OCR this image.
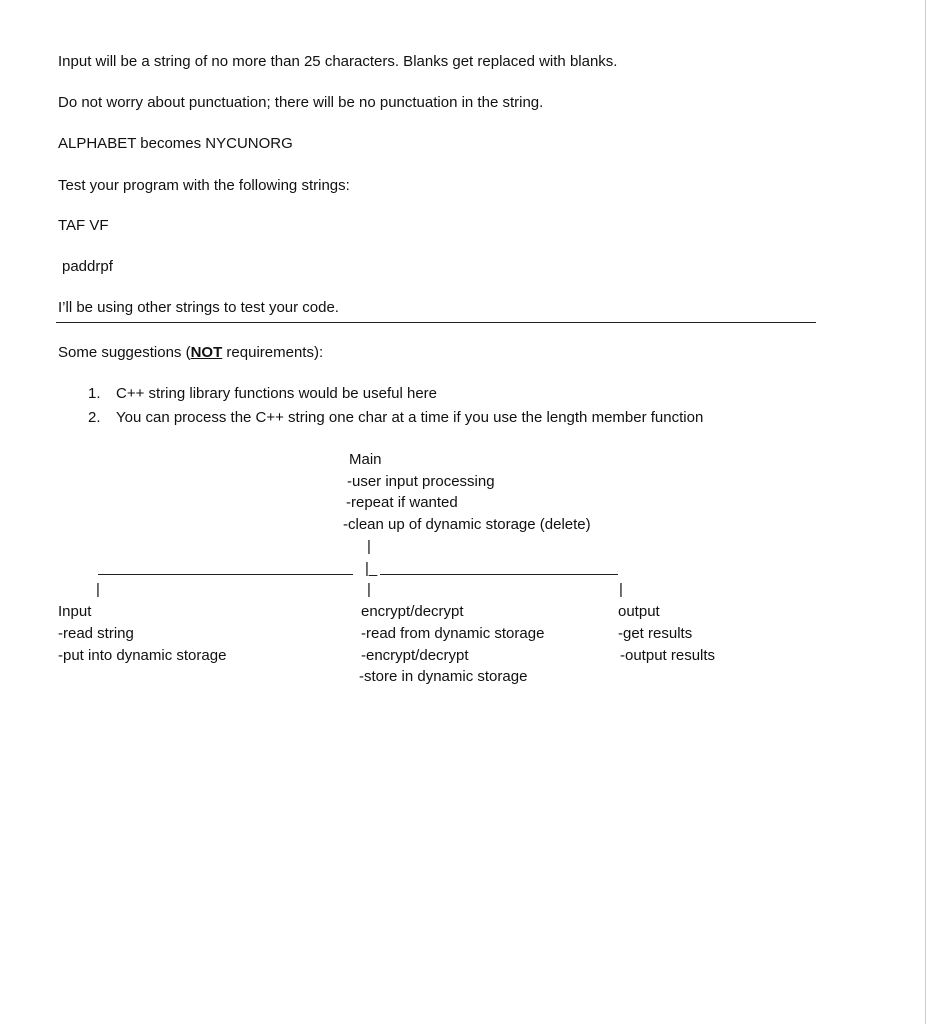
Input will be a string of no more than 25 characters. Blanks get replaced with blanks.
Do not worry about punctuation; there will be no punctuation in the string.
ALPHABET becomes NYCUNORG
Test your program with the following strings:
TAF VF
paddrpf
I’ll be using other strings to test your code.
Some suggestions (NOT requirements):
1. C++ string library functions would be useful here
2. You can process the C++ string one char at a time if you use the length member function
Main
-user input processing
-repeat if wanted
-clean up of dynamic storage (delete)
|
|_
|	|	|
Input
-read string
-put into dynamic storage
encrypt/decrypt
-read from dynamic storage
-encrypt/decrypt
-store in dynamic storage
output
-get results
-output results
